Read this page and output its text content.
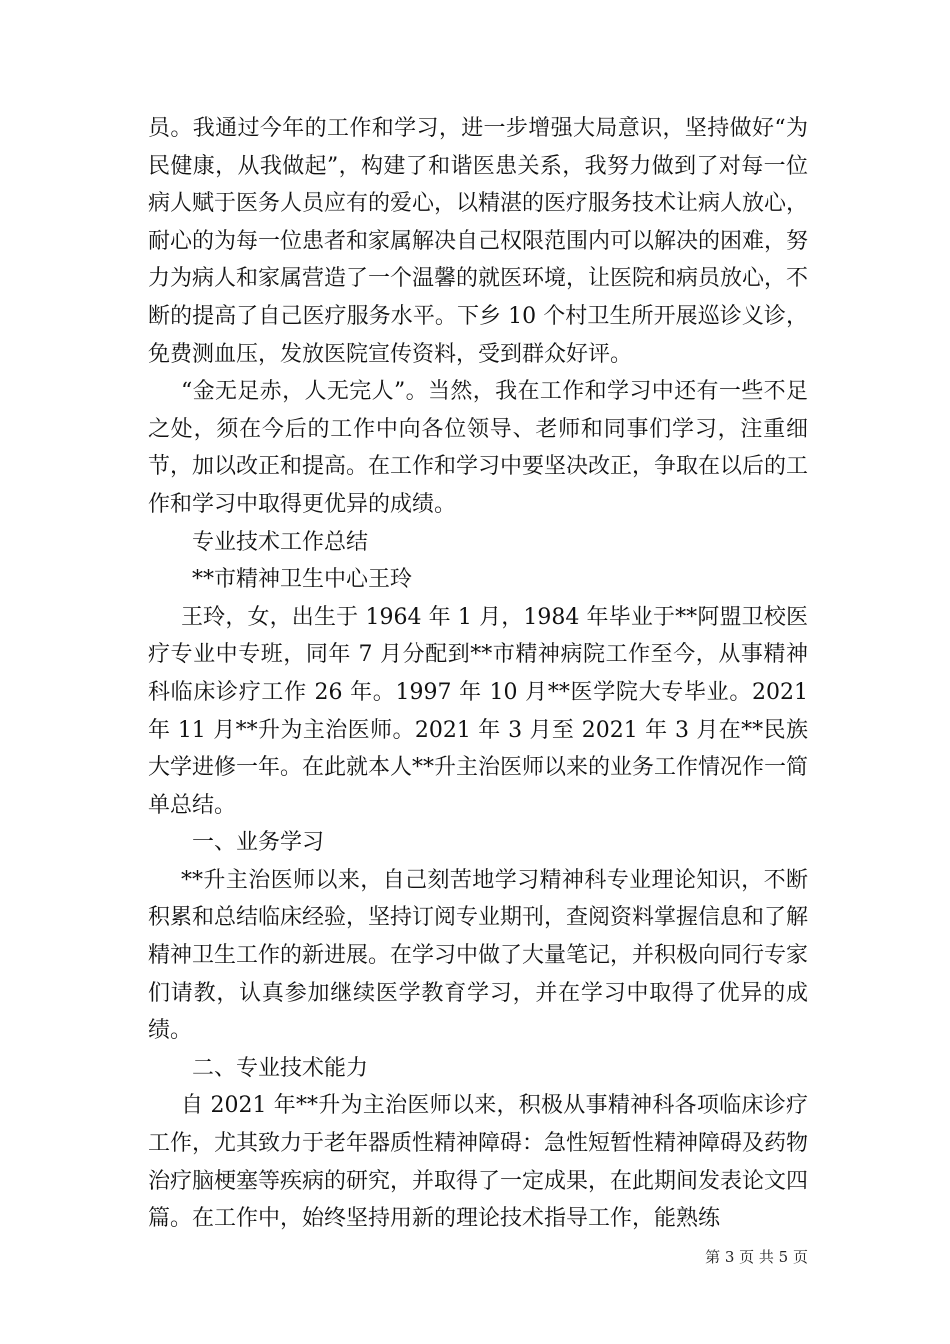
员。我通过今年的工作和学习，进一步增强大局意识，坚持做好“为民健康，从我做起”，构建了和谐医患关系，我努力做到了对每一位病人赋于医务人员应有的爱心，以精湛的医疗服务技术让病人放心，耐心的为每一位患者和家属解决自己权限范围内可以解决的困难，努力为病人和家属营造了一个温馨的就医环境，让医院和病员放心，不断的提高了自己医疗服务水平。下乡 10 个村卫生所开展巡诊义诊，免费测血压，发放医院宣传资料，受到群众好评。

“金无足赤，人无完人”。当然，我在工作和学习中还有一些不足之处，须在今后的工作中向各位领导、老师和同事们学习，注重细节，加以改正和提高。在工作和学习中要坚决改正，争取在以后的工作和学习中取得更优异的成绩。

专业技术工作总结

**市精神卫生中心王玲

王玲，女，出生于 1964 年 1 月，1984 年毕业于**阿盟卫校医疗专业中专班，同年 7 月分配到**市精神病院工作至今，从事精神科临床诊疗工作 26 年。1997 年 10 月**医学院大专毕业。2021 年 11 月**升为主治医师。2021 年 3 月至 2021 年 3 月在**民族大学进修一年。在此就本人**升主治医师以来的业务工作情况作一简单总结。

一、业务学习

**升主治医师以来，自己刻苦地学习精神科专业理论知识，不断积累和总结临床经验，坚持订阅专业期刊，查阅资料掌握信息和了解精神卫生工作的新进展。在学习中做了大量笔记，并积极向同行专家们请教，认真参加继续医学教育学习，并在学习中取得了优异的成绩。

二、专业技术能力

自 2021 年**升为主治医师以来，积极从事精神科各项临床诊疗工作，尤其致力于老年器质性精神障碍：急性短暂性精神障碍及药物治疗脑梗塞等疾病的研究，并取得了一定成果，在此期间发表论文四篇。在工作中，始终坚持用新的理论技术指导工作，能熟练

第 3 页 共 5 页
